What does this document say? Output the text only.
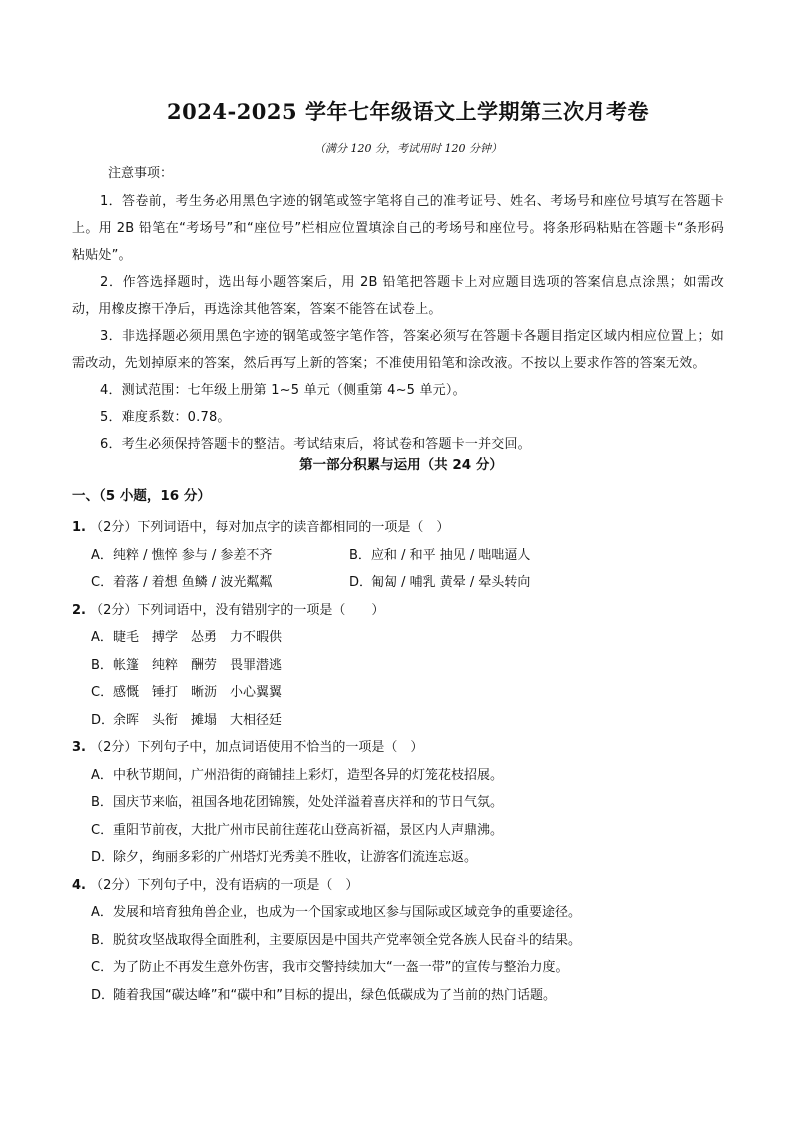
2024-2025 学年七年级语文上学期第三次月考卷
（满分 120 分，考试用时 120 分钟）
注意事项：

1．答卷前，考生务必用黑色字迹的钢笔或签字笔将自己的准考证号、姓名、考场号和座位号填写在答题卡上。用 2B 铅笔在“考场号”和“座位号”栏相应位置填涂自己的考场号和座位号。将条形码粘贴在答题卡“条形码粘贴处”。

2．作答选择题时，选出每小题答案后，用 2B 铅笔把答题卡上对应题目选项的答案信息点涂黑；如需改动，用橡皮擦干净后，再选涂其他答案，答案不能答在试卷上。

3．非选择题必须用黑色字迹的钢笔或签字笔作答，答案必须写在答题卡各题目指定区域内相应位置上；如需改动，先划掉原来的答案，然后再写上新的答案；不准使用铅笔和涂改液。不按以上要求作答的答案无效。

4．测试范围：七年级上册第 1~5 单元（侧重第 4~5 单元）。

5．难度系数：0.78。

6．考生必须保持答题卡的整洁。考试结束后，将试卷和答题卡一并交回。

第一部分积累与运用（共 24 分）
一、（5 小题，16 分）

1. （2分）下列词语中，每对加点字的读音都相同的一项是（　）

A．纯粹 / 憔悴 参与 / 参差不齐	B．应和 / 和平 抽见 / 咄咄逼人
C．着落 / 着想 鱼鳞 / 波光粼粼	D．匍匐 / 哺乳 黄晕 / 晕头转向

2. （2分）下列词语中，没有错别字的一项是（　　）

A．睫毛　搏学　怂勇　力不暇供
B．帐篷　纯粹　酬劳　畏罪潜逃
C．感慨　锤打　晰沥　小心翼翼
D．余晖　头衔　摊塌　大相径廷

3. （2分）下列句子中，加点词语使用不恰当的一项是（　）

A．中秋节期间，广州沿街的商铺挂上彩灯，造型各异的灯笼花枝招展。
B．国庆节来临，祖国各地花团锦簇，处处洋溢着喜庆祥和的节日气氛。
C．重阳节前夜，大批广州市民前往莲花山登高祈福，景区内人声鼎沸。
D．除夕，绚丽多彩的广州塔灯光秀美不胜收，让游客们流连忘返。

4. （2分）下列句子中，没有语病的一项是（　）

A．发展和培育独角兽企业，也成为一个国家或地区参与国际或区域竞争的重要途径。
B．脱贫攻坚战取得全面胜利，主要原因是中国共产党率领全党各族人民奋斗的结果。
C．为了防止不再发生意外伤害，我市交警持续加大“一盔一带”的宣传与整治力度。
D．随着我国“碳达峰”和“碳中和”目标的提出，绿色低碳成为了当前的热门话题。
